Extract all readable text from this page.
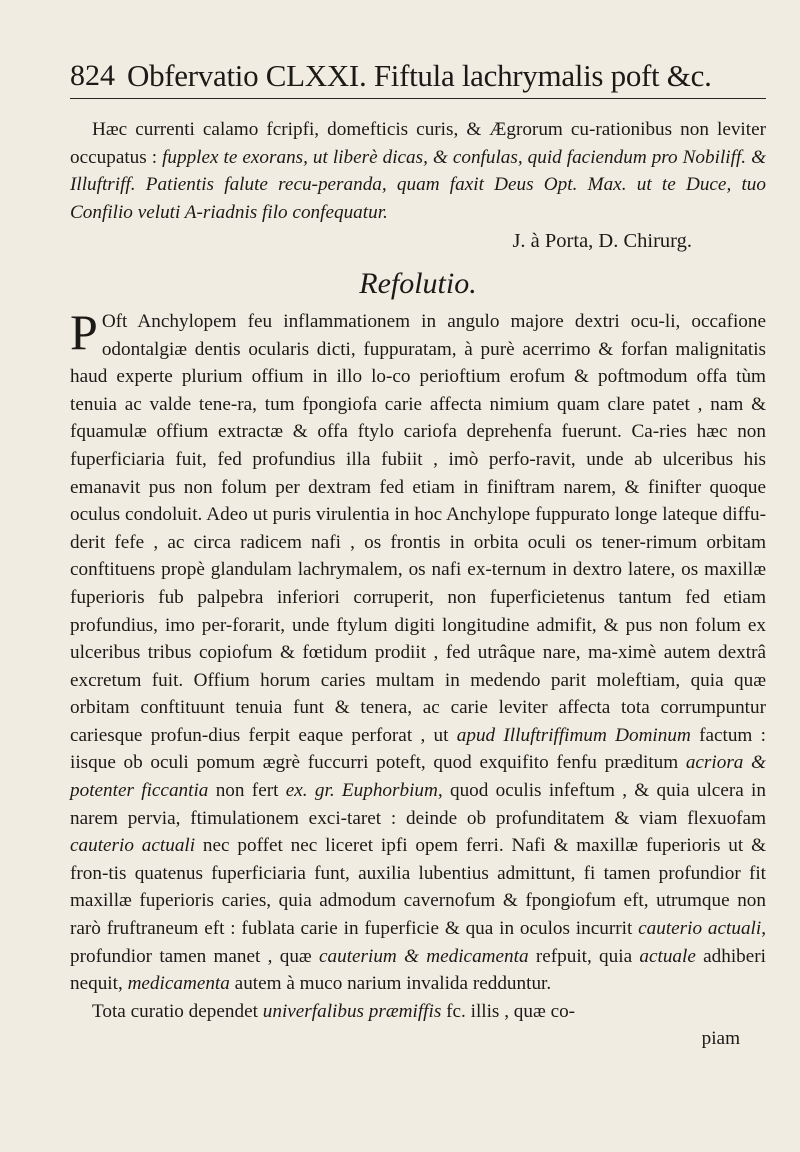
824 Obfervatio CLXXI. Fiftula lachrymalis poft &c.

Hæc currenti calamo fcripfi, domefticis curis, & Ægrorum cu-rationibus non leviter occupatus : fupplex te exorans, ut liberè dicas, & confulas, quid faciendum pro Nobiliff. & Illuftriff. Patientis falute recu-peranda, quam faxit Deus Opt. Max. ut te Duce, tuo Confilio veluti A-riadnis filo confequatur.

J. à Porta, D. Chirurg.

Refolutio.

P Oft Anchylopem feu inflammationem in angulo majore dextri ocu-li, occafione odontalgiæ dentis ocularis dicti, fuppuratam, à purè acerrimo & forfan malignitatis haud experte plurium offium in illo lo-co perioftium erofum & poftmodum offa tùm tenuia ac valde tene-ra, tum fpongiofa carie affecta nimium quam clare patet , nam & fquamulæ offium extractæ & offa ftylo cariofa deprehenfa fuerunt. Ca-ries hæc non fuperficiaria fuit, fed profundius illa fubiit , imò perfo-ravit, unde ab ulceribus his emanavit pus non folum per dextram fed etiam in finiftram narem, & finifter quoque oculus condoluit. Adeo ut puris virulentia in hoc Anchylope fuppurato longe lateque diffu-derit fefe , ac circa radicem nafi , os frontis in orbita oculi os tener-rimum orbitam conftituens propè glandulam lachrymalem, os nafi ex-ternum in dextro latere, os maxillæ fuperioris fub palpebra inferiori corruperit, non fuperficietenus tantum fed etiam profundius, imo per-forarit, unde ftylum digiti longitudine admifit, & pus non folum ex ulceribus tribus copiofum & fœtidum prodiit , fed utrâque nare, ma-ximè autem dextrâ excretum fuit. Offium horum caries multam in medendo parit moleftiam, quia quæ orbitam conftituunt tenuia funt & tenera, ac carie leviter affecta tota corrumpuntur cariesque profun-dius ferpit eaque perforat , ut apud Illuftriffimum Dominum factum : iisque ob oculi pomum ægrè fuccurri poteft, quod exquifito fenfu præditum acriora & potenter ficcantia non fert ex. gr. Euphorbium, quod oculis infeftum , & quia ulcera in narem pervia, ftimulationem exci-taret : deinde ob profunditatem & viam flexuofam cauterio actuali nec poffet nec liceret ipfi opem ferri. Nafi & maxillæ fuperioris ut & fron-tis quatenus fuperficiaria funt, auxilia lubentius admittunt, fi tamen profundior fit maxillæ fuperioris caries, quia admodum cavernofum & fpongiofum eft, utrumque non rarò fruftraneum eft : fublata carie in fuperficie & qua in oculos incurrit cauterio actuali, profundior tamen manet , quæ cauterium & medicamenta refpuit, quia actuale adhiberi nequit, medicamenta autem à muco narium invalida redduntur.

Tota curatio dependet univerfalibus præmiffis fc. illis , quæ co-

piam
